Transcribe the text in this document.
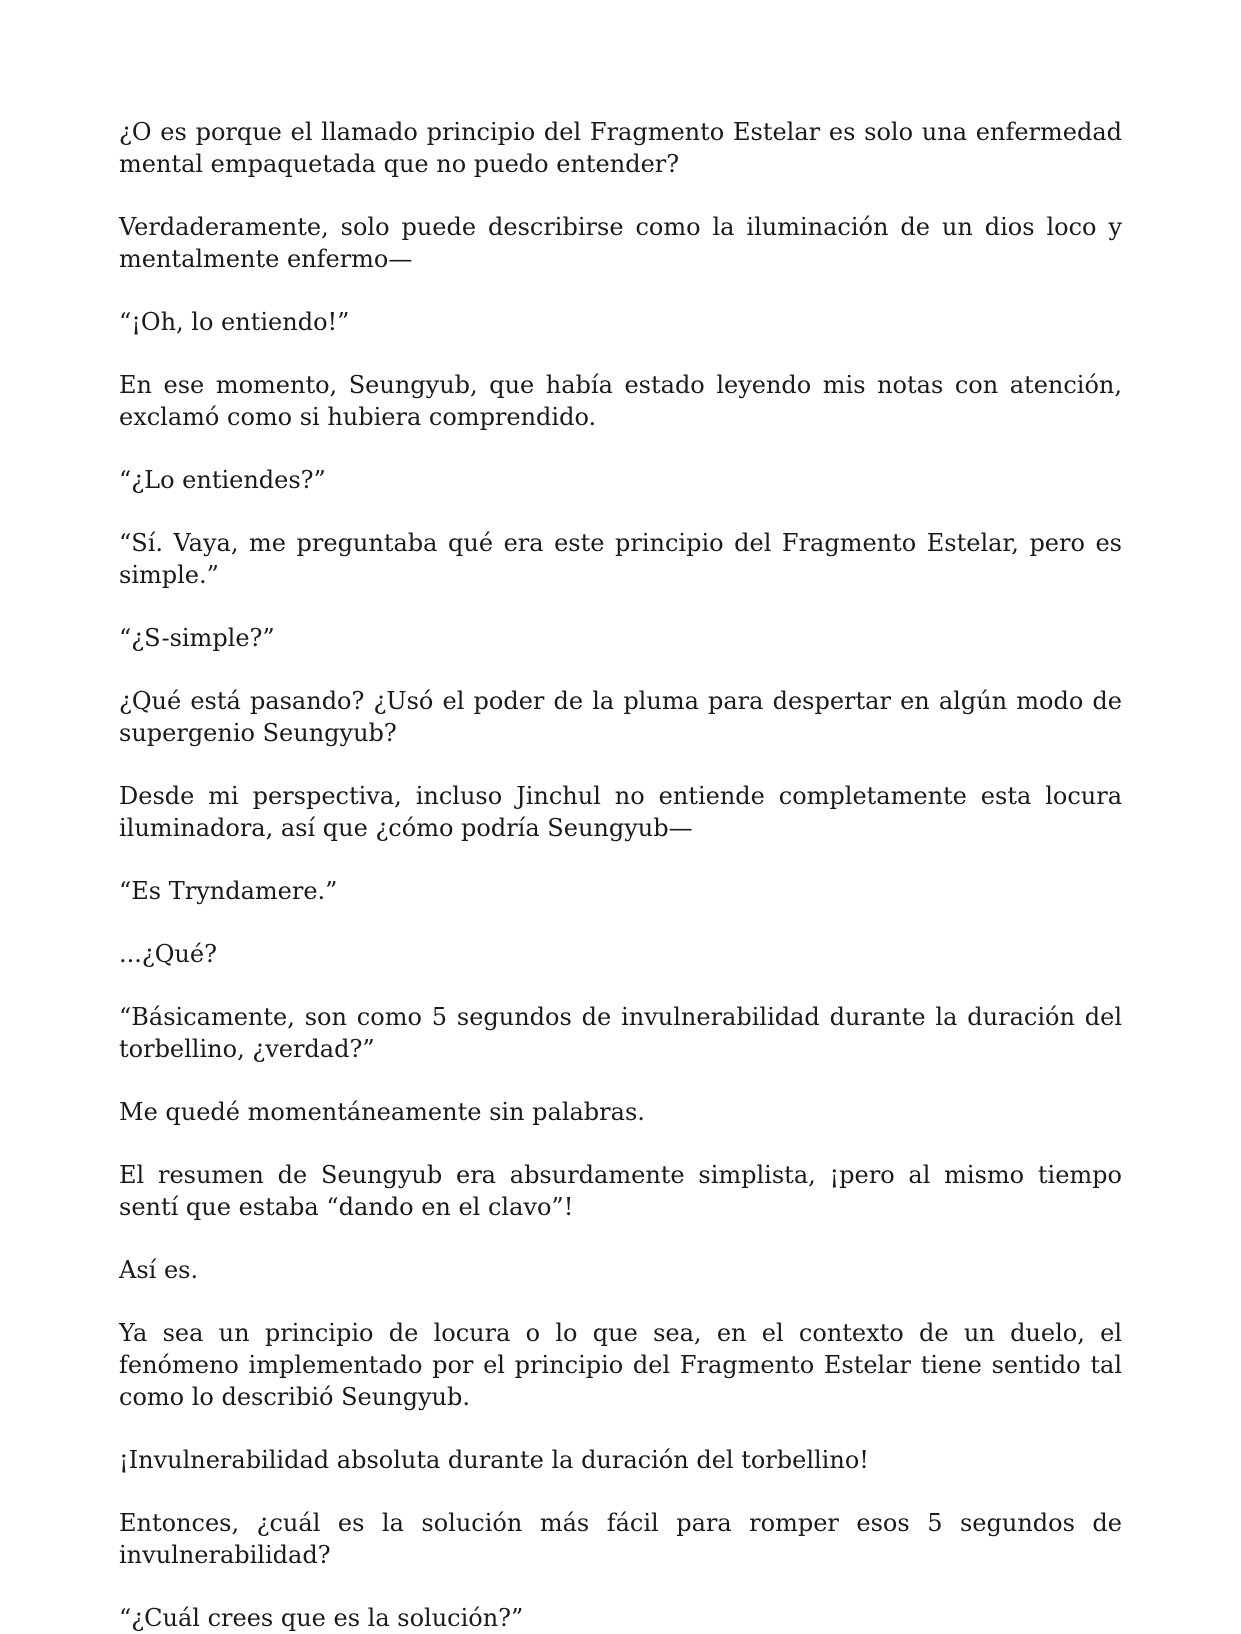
¿O es porque el llamado principio del Fragmento Estelar es solo una enfermedad mental empaquetada que no puedo entender?

Verdaderamente, solo puede describirse como la iluminación de un dios loco y mentalmente enfermo—

“¡Oh, lo entiendo!”

En ese momento, Seungyub, que había estado leyendo mis notas con atención, exclamó como si hubiera comprendido.

“¿Lo entiendes?”

“Sí. Vaya, me preguntaba qué era este principio del Fragmento Estelar, pero es simple.”

“¿S-simple?”

¿Qué está pasando? ¿Usó el poder de la pluma para despertar en algún modo de supergenio Seungyub?

Desde mi perspectiva, incluso Jinchul no entiende completamente esta locura iluminadora, así que ¿cómo podría Seungyub—

“Es Tryndamere.”

...¿Qué?

“Básicamente, son como 5 segundos de invulnerabilidad durante la duración del torbellino, ¿verdad?”

Me quedé momentáneamente sin palabras.

El resumen de Seungyub era absurdamente simplista, ¡pero al mismo tiempo sentí que estaba “dando en el clavo”!

Así es.

Ya sea un principio de locura o lo que sea, en el contexto de un duelo, el fenómeno implementado por el principio del Fragmento Estelar tiene sentido tal como lo describió Seungyub.

¡Invulnerabilidad absoluta durante la duración del torbellino!

Entonces, ¿cuál es la solución más fácil para romper esos 5 segundos de invulnerabilidad?

“¿Cuál crees que es la solución?”
